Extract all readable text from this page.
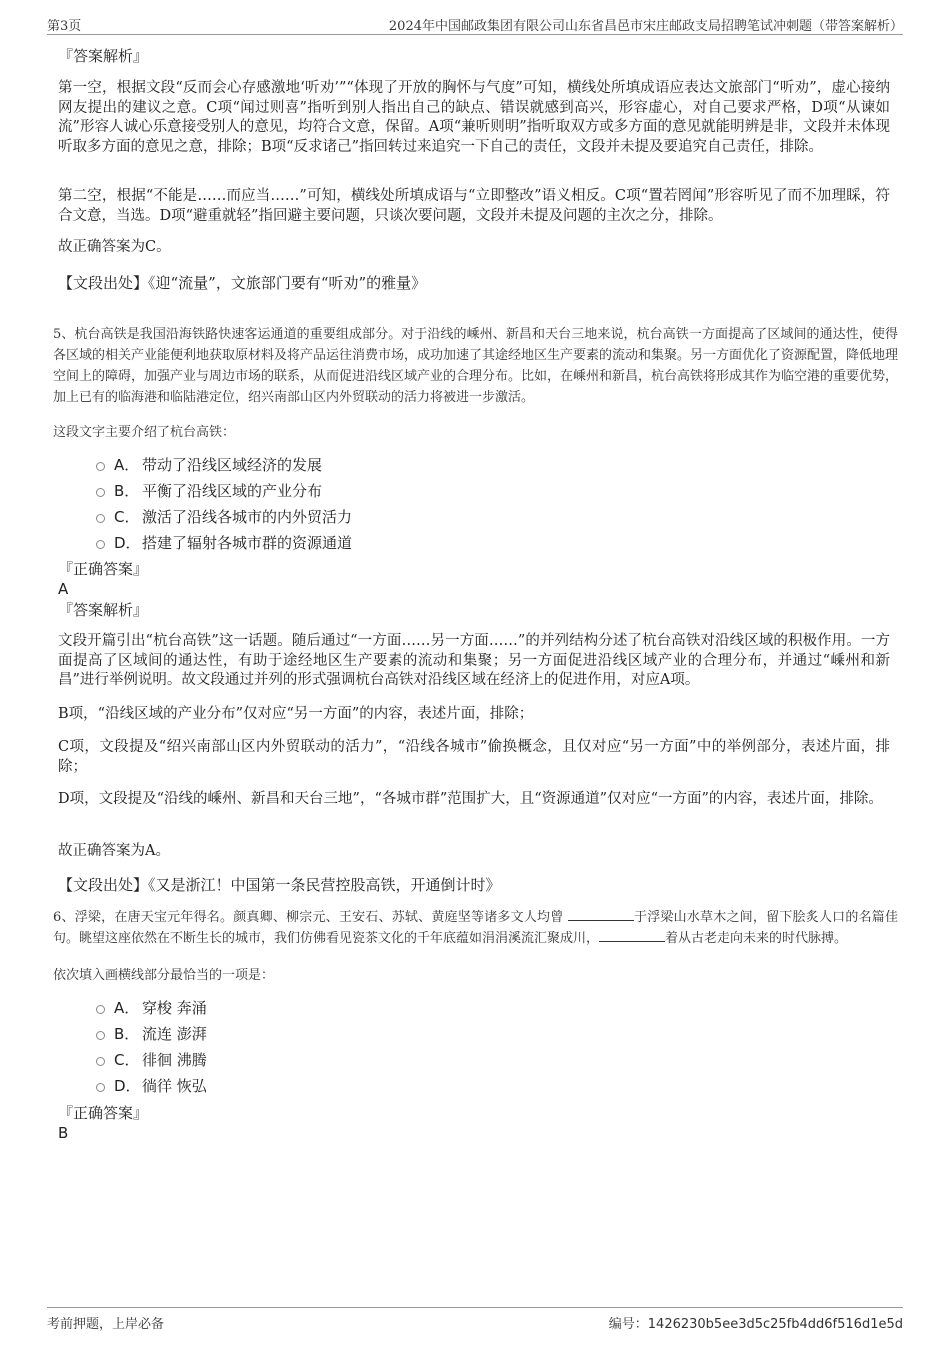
第3页	2024年中国邮政集团有限公司山东省昌邑市宋庄邮政支局招聘笔试冲刺题（带答案解析）
『答案解析』
第一空，根据文段“反而会心存感激地‘听劝’”“体现了开放的胸怀与气度”可知，横线处所填成语应表达文旅部门“听劝”，虚心接纳网友提出的建议之意。C项“闻过则喜”指听到别人指出自己的缺点、错误就感到高兴，形容虚心，对自己要求严格，D项“从谏如流”形容人诚心乐意接受别人的意见，均符合文意，保留。A项“兼听则明”指听取双方或多方面的意见就能明辨是非，文段并未体现听取多方面的意见之意，排除；B项“反求诸己”指回转过来追究一下自己的责任，文段并未提及要追究自己责任，排除。
第二空，根据“不能是……而应当……”可知，横线处所填成语与“立即整改”语义相反。C项“置若罔闻”形容听见了而不加理睬，符合文意，当选。D项“避重就轻”指回避主要问题，只谈次要问题，文段并未提及问题的主次之分，排除。
故正确答案为C。
【文段出处】《迎“流量”，文旅部门要有“听劝”的雅量》
5、杭台高铁是我国沿海铁路快速客运通道的重要组成部分。对于沿线的嵊州、新昌和天台三地来说，杭台高铁一方面提高了区域间的通达性，使得各区域的相关产业能便利地获取原材料及将产品运往消费市场，成功加速了其途经地区生产要素的流动和集聚。另一方面优化了资源配置，降低地理空间上的障碍，加强产业与周边市场的联系，从而促进沿线区域产业的合理分布。比如，在嵊州和新昌，杭台高铁将形成其作为临空港的重要优势，加上已有的临海港和临陆港定位，绍兴南部山区内外贸联动的活力将被进一步激活。
这段文字主要介绍了杭台高铁：
A． 带动了沿线区域经济的发展
B． 平衡了沿线区域的产业分布
C． 激活了沿线各城市的内外贸活力
D． 搭建了辐射各城市群的资源通道
『正确答案』
A
『答案解析』
文段开篇引出“杭台高铁”这一话题。随后通过“一方面……另一方面……”的并列结构分述了杭台高铁对沿线区域的积极作用。一方面提高了区域间的通达性，有助于途经地区生产要素的流动和集聚；另一方面促进沿线区域产业的合理分布，并通过“嵊州和新昌”进行举例说明。故文段通过并列的形式强调杭台高铁对沿线区域在经济上的促进作用，对应A项。
B项，“沿线区域的产业分布”仅对应“另一方面”的内容，表述片面，排除；
C项，文段提及“绍兴南部山区内外贸联动的活力”，“沿线各城市”偷换概念，且仅对应“另一方面”中的举例部分，表述片面，排除；
D项，文段提及“沿线的嵊州、新昌和天台三地”，“各城市群”范围扩大，且“资源通道”仅对应“一方面”的内容，表述片面，排除。
故正确答案为A。
【文段出处】《又是浙江！中国第一条民营控股高铁，开通倒计时》
6、浮梁，在唐天宝元年得名。颜真卿、柳宗元、王安石、苏轼、黄庭坚等诸多文人均曾	于浮梁山水草木之间，留下脍炙人口的名篇佳句。眺望这座依然在不断生长的城市，我们仿佛看见瓷茶文化的千年底蕴如涓涓溪流汇聚成川，	着从古老走向未来的时代脉搏。
依次填入画横线部分最恰当的一项是：
A． 穿梭 奔涌
B． 流连 澎湃
C． 徘徊 沸腾
D． 徜徉 恢弘
『正确答案』
B
考前押题，上岸必备	编号：1426230b5ee3d5c25fb4dd6f516d1e5d
